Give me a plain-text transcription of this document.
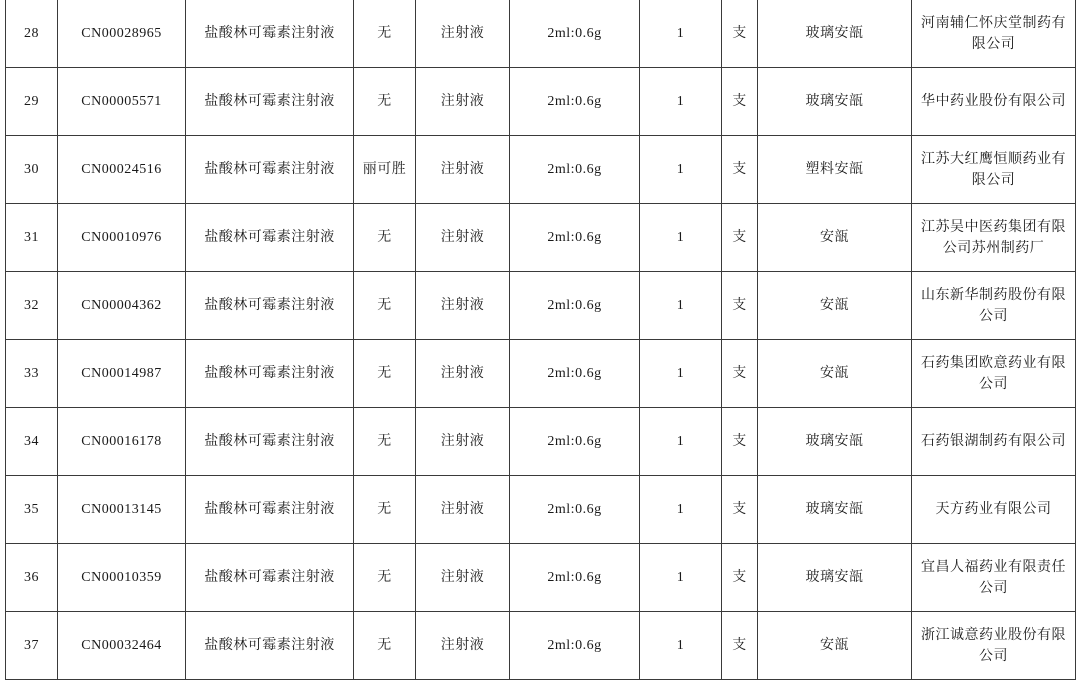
28	CN00028965	盐酸林可霉素注射液	无	注射液	2ml:0.6g	1	支	玻璃安瓿	河南辅仁怀庆堂制药有限公司
29	CN00005571	盐酸林可霉素注射液	无	注射液	2ml:0.6g	1	支	玻璃安瓿	华中药业股份有限公司
30	CN00024516	盐酸林可霉素注射液	丽可胜	注射液	2ml:0.6g	1	支	塑料安瓿	江苏大红鹰恒顺药业有限公司
31	CN00010976	盐酸林可霉素注射液	无	注射液	2ml:0.6g	1	支	安瓿	江苏吴中医药集团有限公司苏州制药厂
32	CN00004362	盐酸林可霉素注射液	无	注射液	2ml:0.6g	1	支	安瓿	山东新华制药股份有限公司
33	CN00014987	盐酸林可霉素注射液	无	注射液	2ml:0.6g	1	支	安瓿	石药集团欧意药业有限公司
34	CN00016178	盐酸林可霉素注射液	无	注射液	2ml:0.6g	1	支	玻璃安瓿	石药银湖制药有限公司
35	CN00013145	盐酸林可霉素注射液	无	注射液	2ml:0.6g	1	支	玻璃安瓿	天方药业有限公司
36	CN00010359	盐酸林可霉素注射液	无	注射液	2ml:0.6g	1	支	玻璃安瓿	宜昌人福药业有限责任公司
37	CN00032464	盐酸林可霉素注射液	无	注射液	2ml:0.6g	1	支	安瓿	浙江诚意药业股份有限公司
